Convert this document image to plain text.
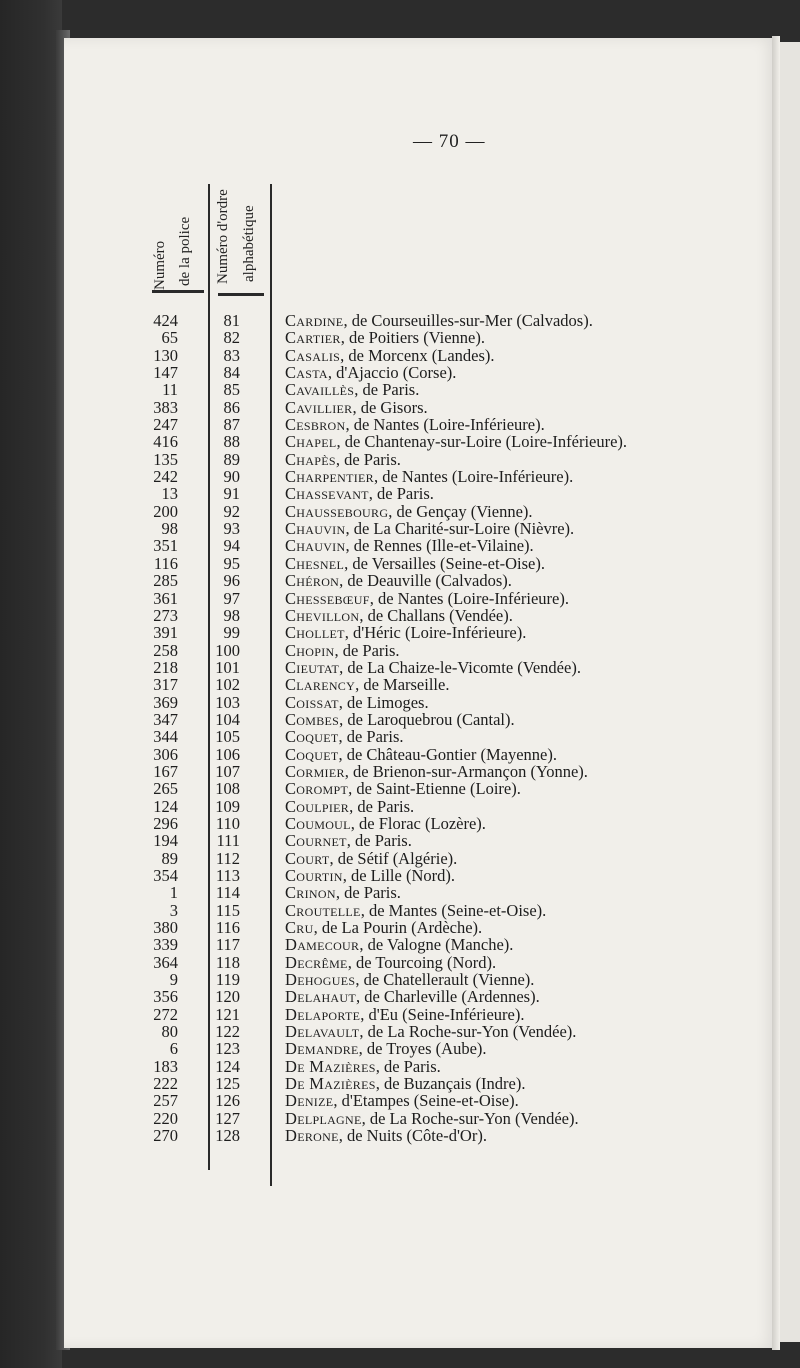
— 70 —
Numéro de la police Numéro d'ordre alphabétique
424	81	Cardine, de Courseuilles-sur-Mer (Calvados).
65	82	Cartier, de Poitiers (Vienne).
130	83	Casalis, de Morcenx (Landes).
147	84	Casta, d'Ajaccio (Corse).
11	85	Cavaillès, de Paris.
383	86	Cavillier, de Gisors.
247	87	Cesbron, de Nantes (Loire-Inférieure).
416	88	Chapel, de Chantenay-sur-Loire (Loire-Inférieure).
135	89	Chapès, de Paris.
242	90	Charpentier, de Nantes (Loire-Inférieure).
13	91	Chassevant, de Paris.
200	92	Chaussebourg, de Gençay (Vienne).
98	93	Chauvin, de La Charité-sur-Loire (Nièvre).
351	94	Chauvin, de Rennes (Ille-et-Vilaine).
116	95	Chesnel, de Versailles (Seine-et-Oise).
285	96	Chéron, de Deauville (Calvados).
361	97	Chessebœuf, de Nantes (Loire-Inférieure).
273	98	Chevillon, de Challans (Vendée).
391	99	Chollet, d'Héric (Loire-Inférieure).
258 100	Chopin, de Paris.
218 101	Cieutat, de La Chaize-le-Vicomte (Vendée).
317 102	Clarency, de Marseille.
369 103	Coissat, de Limoges.
347 104	Combes, de Laroquebrou (Cantal).
344 105	Coquet, de Paris.
306 106	Coquet, de Château-Gontier (Mayenne).
167 107	Cormier, de Brienon-sur-Armançon (Yonne).
265 108	Corompt, de Saint-Etienne (Loire).
124 109	Coulpier, de Paris.
296 110	Coumoul, de Florac (Lozère).
194 111	Cournet, de Paris.
89 112	Court, de Sétif (Algérie).
354 113	Courtin, de Lille (Nord).
1 114	Crinon, de Paris.
3 115	Croutelle, de Mantes (Seine-et-Oise).
380 116	Cru, de La Pourin (Ardèche).
339 117	Damecour, de Valogne (Manche).
364 118	Decrême, de Tourcoing (Nord).
9 119	Dehogues, de Chatellerault (Vienne).
356 120	Delahaut, de Charleville (Ardennes).
272 121	Delaporte, d'Eu (Seine-Inférieure).
80 122	Delavault, de La Roche-sur-Yon (Vendée).
6 123	Demandre, de Troyes (Aube).
183 124	De Mazières, de Paris.
222 125	De Mazières, de Buzançais (Indre).
257 126	Denize, d'Etampes (Seine-et-Oise).
220 127	Delplagne, de La Roche-sur-Yon (Vendée).
270 128	Derone, de Nuits (Côte-d'Or).
